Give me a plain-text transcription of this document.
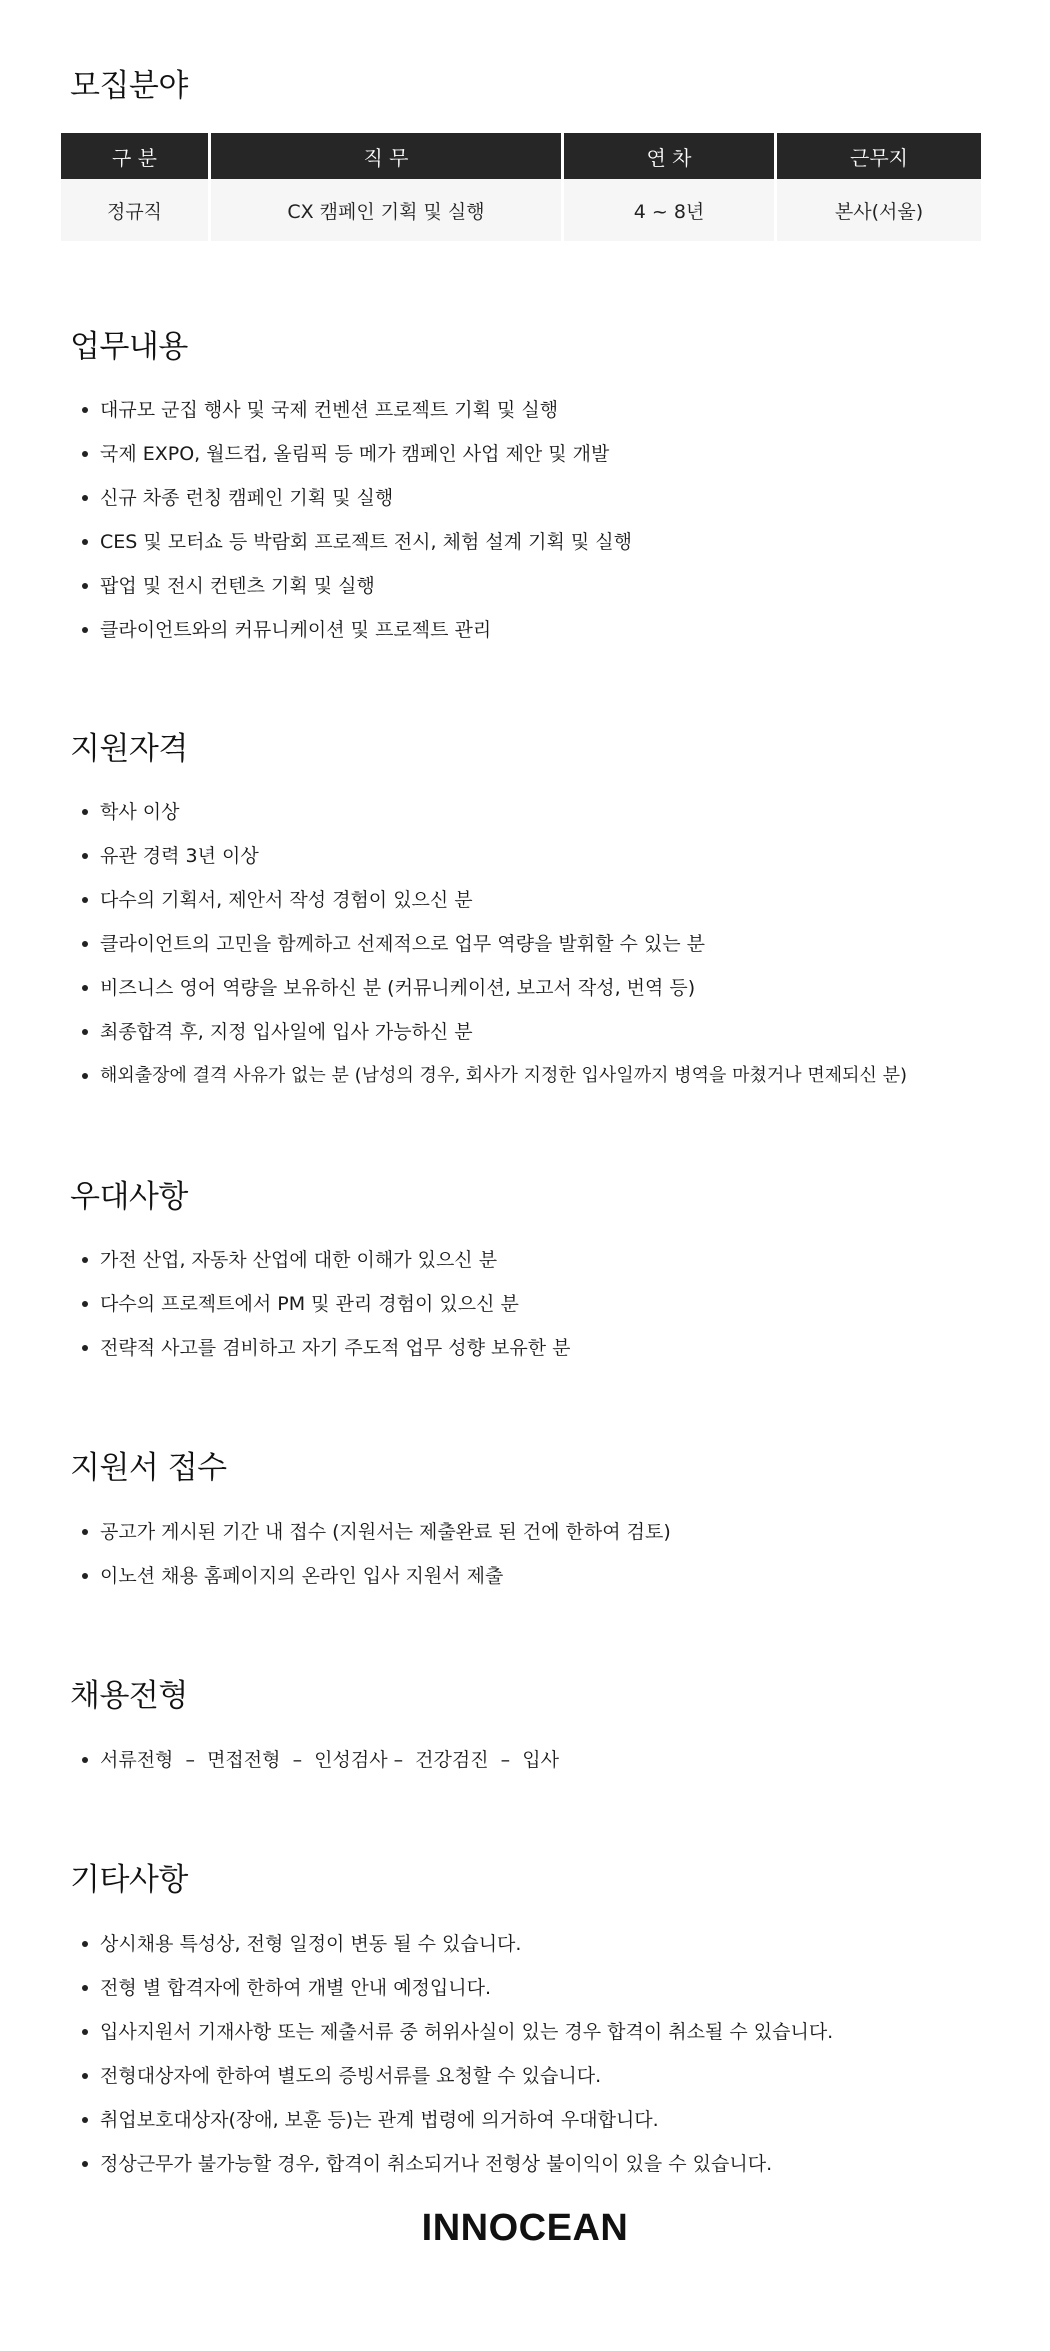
모집분야
구 분	직 무	연 차	근무지
정규직	CX 캠페인 기획 및 실행	4 ~ 8년	본사(서울)
업무내용
대규모 군집 행사 및 국제 컨벤션 프로젝트 기획 및 실행
국제 EXPO, 월드컵, 올림픽 등 메가 캠페인 사업 제안 및 개발
신규 차종 런칭 캠페인 기획 및 실행
CES 및 모터쇼 등 박람회 프로젝트 전시, 체험 설계 기획 및 실행
팝업 및 전시 컨텐츠 기획 및 실행
클라이언트와의 커뮤니케이션 및 프로젝트 관리
지원자격
학사 이상
유관 경력 3년 이상
다수의 기획서, 제안서 작성 경험이 있으신 분
클라이언트의 고민을 함께하고 선제적으로 업무 역량을 발휘할 수 있는 분
비즈니스 영어 역량을 보유하신 분 (커뮤니케이션, 보고서 작성, 번역 등)
최종합격 후, 지정 입사일에 입사 가능하신 분
해외출장에 결격 사유가 없는 분 (남성의 경우, 회사가 지정한 입사일까지 병역을 마쳤거나 면제되신 분)
우대사항
가전 산업, 자동차 산업에 대한 이해가 있으신 분
다수의 프로젝트에서 PM 및 관리 경험이 있으신 분
전략적 사고를 겸비하고 자기 주도적 업무 성향 보유한 분
지원서 접수
공고가 게시된 기간 내 접수 (지원서는 제출완료 된 건에 한하여 검토)
이노션 채용 홈페이지의 온라인 입사 지원서 제출
채용전형
서류전형  –  면접전형  –  인성검사 –  건강검진  –  입사
기타사항
상시채용 특성상, 전형 일정이 변동 될 수 있습니다.
전형 별 합격자에 한하여 개별 안내 예정입니다.
입사지원서 기재사항 또는 제출서류 중 허위사실이 있는 경우 합격이 취소될 수 있습니다.
전형대상자에 한하여 별도의 증빙서류를 요청할 수 있습니다.
취업보호대상자(장애, 보훈 등)는 관계 법령에 의거하여 우대합니다.
정상근무가 불가능할 경우, 합격이 취소되거나 전형상 불이익이 있을 수 있습니다.
INNOCEAN
